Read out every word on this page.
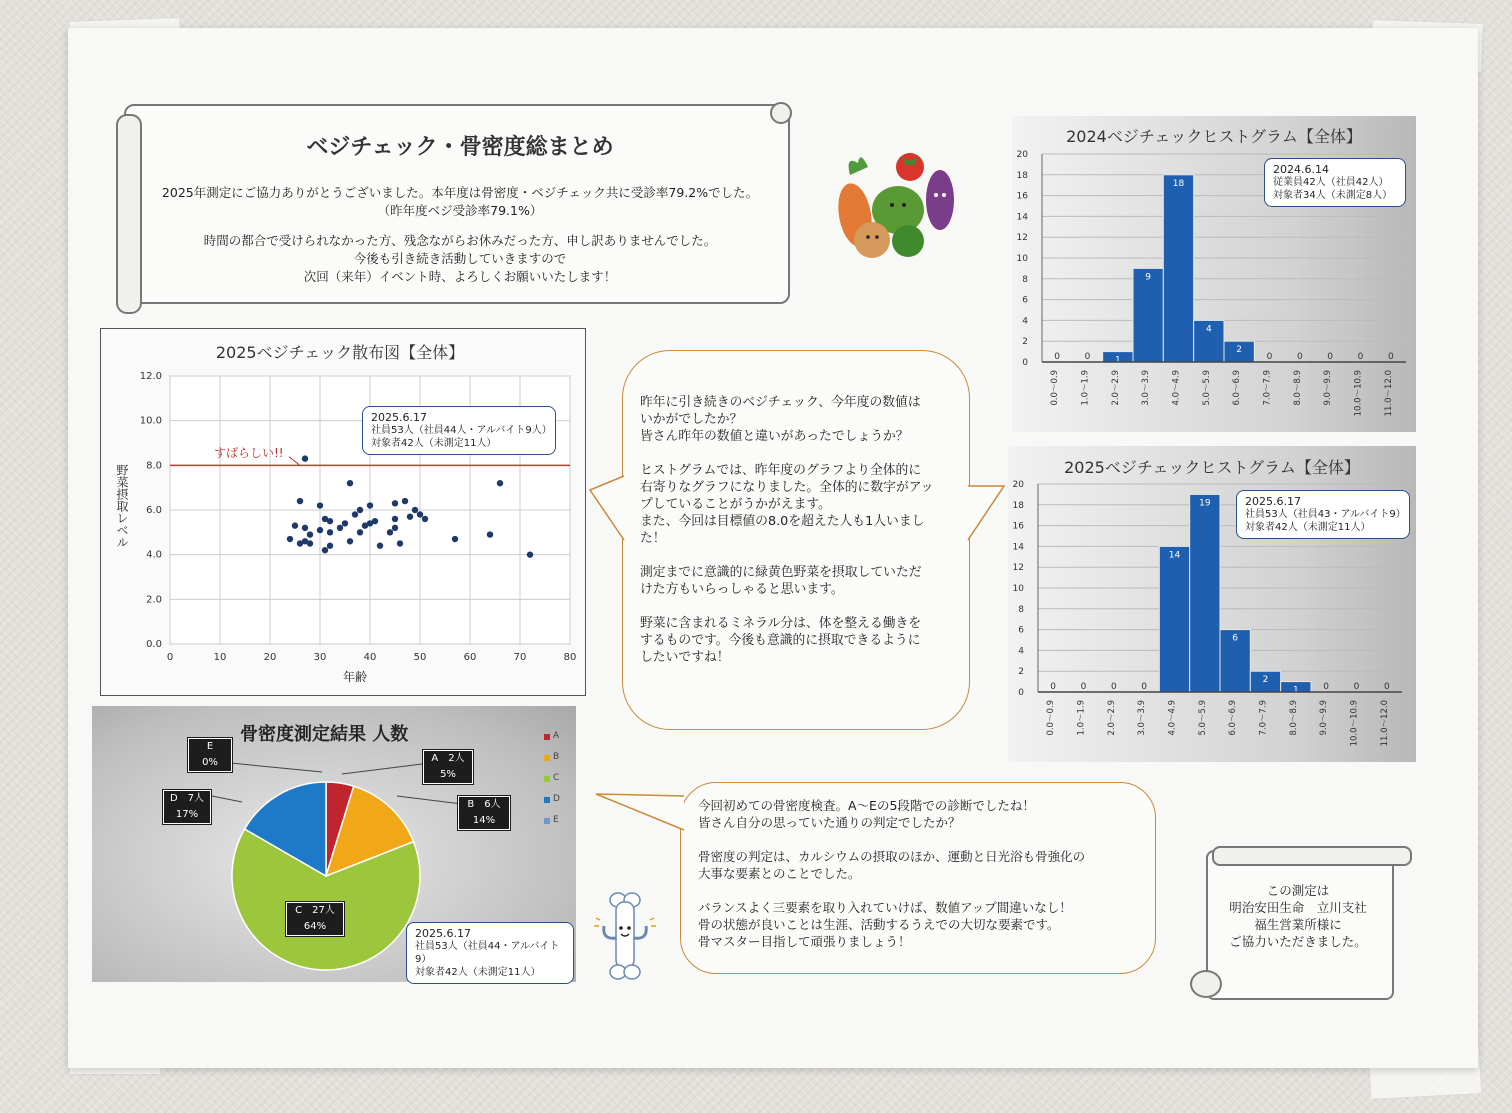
ベジチェック・骨密度総まとめ
2025年測定にご協力ありがとうございました。本年度は骨密度・ベジチェック共に受診率79.2%でした。
（昨年度ベジ受診率79.1%）
時間の都合で受けられなかった方、残念ながらお休みだった方、申し訳ありませんでした。
今後も引き続き活動していきますので
次回（来年）イベント時、よろしくお願いいたします！
2025ベジチェック散布図【全体】
0	10	20	30	40	50	60	70	80
0.0
2.0
4.0
6.0
8.0
10.0
12.0
野菜摂取レベル
年齢
2025.6.17
社員53人（社員44人・アルバイト9人）
対象者42人（未測定11人）
すばらしい!!
昨年に引き続きのベジチェック、今年度の数値は
いかがでしたか？
皆さん昨年の数値と違いがあったでしょうか？

ヒストグラムでは、昨年度のグラフより全体的に
右寄りなグラフになりました。全体的に数字がアッ
プしていることがうかがえます。
また、今回は目標値の8.0を超えた人も1人いまし
た！

測定までに意識的に緑黄色野菜を摂取していただ
けた方もいらっしゃると思います。

野菜に含まれるミネラル分は、体を整える働きを
するものです。今後も意識的に摂取できるように
したいですね！
2024ベジチェックヒストグラム【全体】
0
2
4
6
8
10
12
14
16
18
20
0
0.0～0.9
0
1.0～1.9
1
2.0～2.9
9
3.0～3.9
18
4.0～4.9
4
5.0～5.9
2
6.0～6.9
0
7.0～7.9
0
8.0～8.9
0
9.0～9.9
0
10.0～10.9
0
11.0～12.0
2024.6.14
従業員42人（社員42人）
対象者34人（未測定8人）
2025ベジチェックヒストグラム【全体】
0
2
4
6
8
10
12
14
16
18
20
0
0.0～0.9
0
1.0～1.9
0
2.0～2.9
0
3.0～3.9
14
4.0～4.9
19
5.0～5.9
6
6.0～6.9
2
7.0～7.9
1
8.0～8.9
0
9.0～9.9
0
10.0～10.9
0
11.0～12.0
2025.6.17
社員53人（社員43・アルバイト9）
対象者42人（未測定11人）
骨密度測定結果 人数	A
B
C
D
E
E
0%	A　2人
5%
D　7人
17%
B　6人
14%
C　27人
64%
2025.6.17
社員53人（社員44・アルバイト9）
対象者42人（未測定11人）
今回初めての骨密度検査。A～Eの5段階での診断でしたね！
皆さん自分の思っていた通りの判定でしたか？

骨密度の判定は、カルシウムの摂取のほか、運動と日光浴も骨強化の
大事な要素とのことでした。

バランスよく三要素を取り入れていけば、数値アップ間違いなし！
骨の状態が良いことは生涯、活動するうえでの大切な要素です。
骨マスター目指して頑張りましょう！
この測定は
明治安田生命　立川支社
福生営業所様に
ご協力いただきました。
